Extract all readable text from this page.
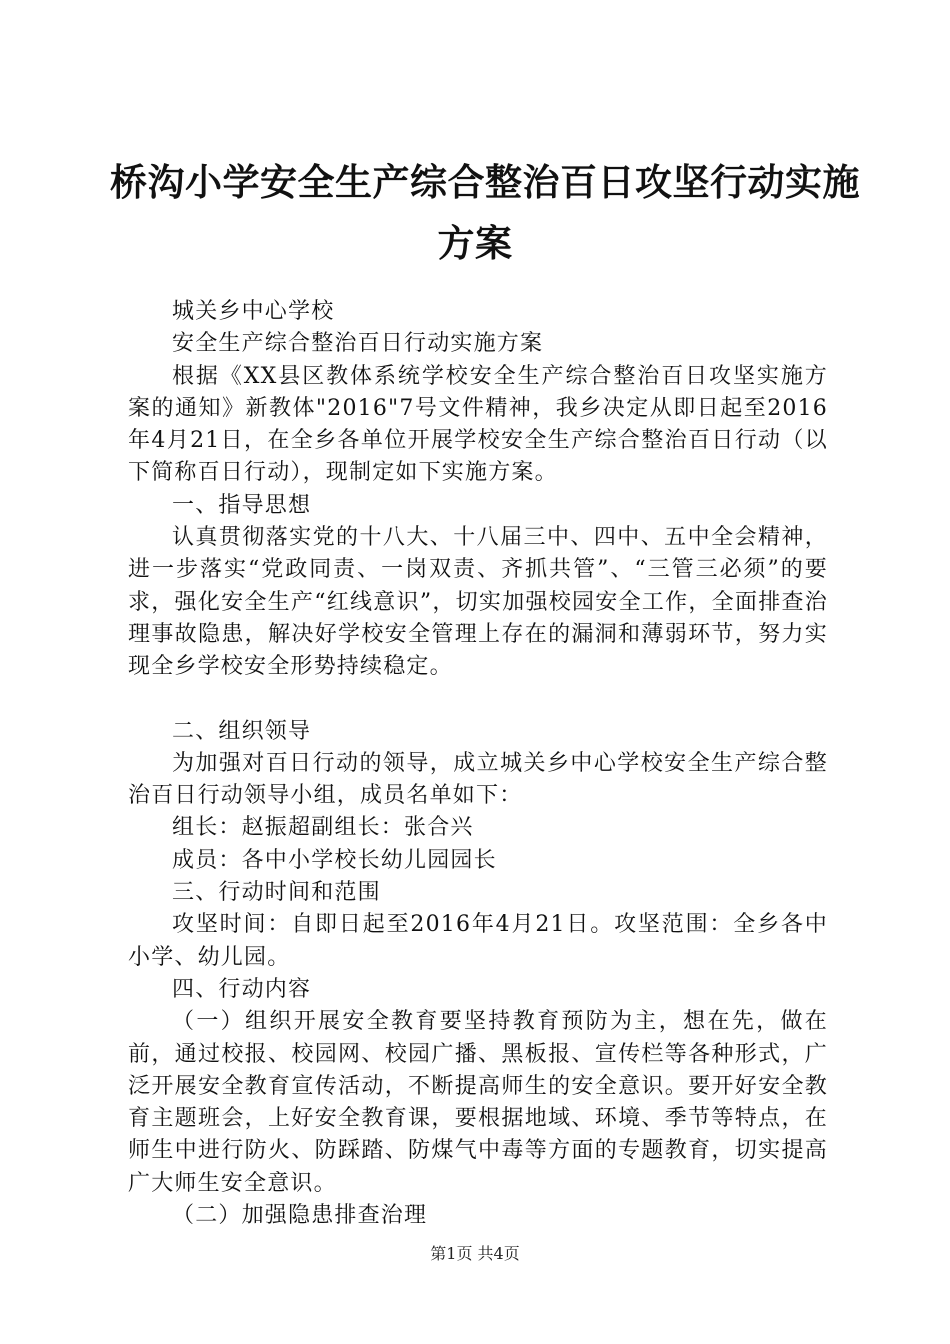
桥沟小学安全生产综合整治百日攻坚行动实施
方案

城关乡中心学校

安全生产综合整治百日行动实施方案

根据《XX县区教体系统学校安全生产综合整治百日攻坚实施方案的通知》新教体"2016"7号文件精神，我乡决定从即日起至2016年4月21日，在全乡各单位开展学校安全生产综合整治百日行动（以下简称百日行动），现制定如下实施方案。

一、指导思想

认真贯彻落实党的十八大、十八届三中、四中、五中全会精神，进一步落实“党政同责、一岗双责、齐抓共管”、“三管三必须”的要求，强化安全生产“红线意识”，切实加强校园安全工作，全面排查治理事故隐患，解决好学校安全管理上存在的漏洞和薄弱环节，努力实现全乡学校安全形势持续稳定。

二、组织领导

为加强对百日行动的领导，成立城关乡中心学校安全生产综合整治百日行动领导小组，成员名单如下：

组长：赵振超副组长：张合兴

成员：各中小学校长幼儿园园长

三、行动时间和范围

攻坚时间：自即日起至2016年4月21日。攻坚范围：全乡各中小学、幼儿园。

四、行动内容

（一）组织开展安全教育要坚持教育预防为主，想在先，做在前，通过校报、校园网、校园广播、黑板报、宣传栏等各种形式，广泛开展安全教育宣传活动，不断提高师生的安全意识。要开好安全教育主题班会，上好安全教育课，要根据地域、环境、季节等特点，在师生中进行防火、防踩踏、防煤气中毒等方面的专题教育，切实提高广大师生安全意识。

（二）加强隐患排查治理

第1页 共4页
